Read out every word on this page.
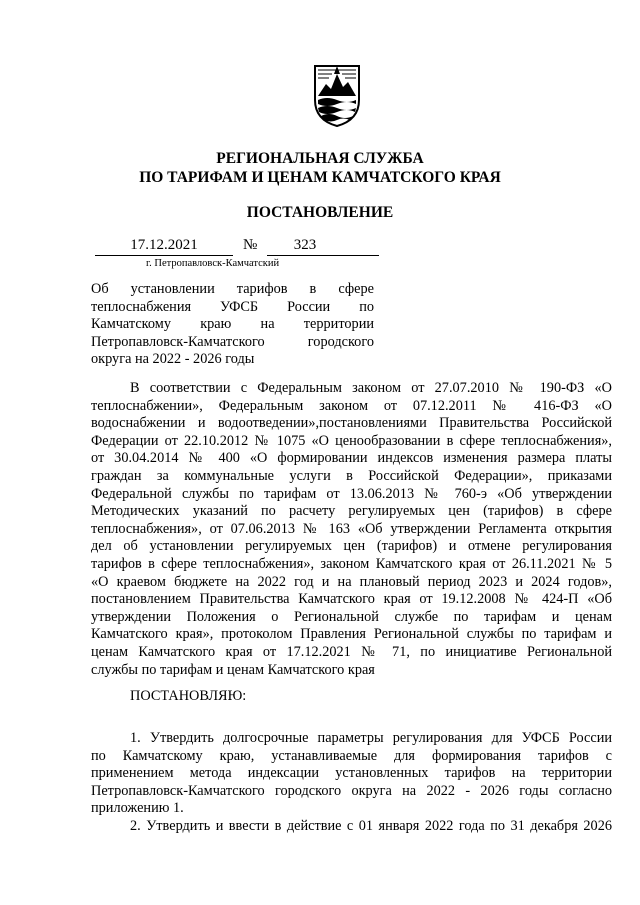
РЕГИОНАЛЬНАЯ СЛУЖБА

ПО ТАРИФАМ И ЦЕНАМ КАМЧАТСКОГО КРАЯ

ПОСТАНОВЛЕНИЕ

17.12.2021	№	323
г. Петропавловск-Камчатский
Об установлении тарифов в сфере
теплоснабжения УФСБ России по
Камчатскому краю на территории
Петропавловск-Камчатского городского
округа на 2022 - 2026 годы
В соответствии с Федеральным законом от 27.07.2010 № 190-ФЗ «О
теплоснабжении», Федеральным законом от 07.12.2011 № 416-ФЗ «О
водоснабжении и водоотведении»,постановлениями Правительства Российской
Федерации от 22.10.2012 № 1075 «О ценообразовании в сфере теплоснабжения»,
от 30.04.2014 № 400 «О формировании индексов изменения размера платы
граждан за коммунальные услуги в Российской Федерации», приказами
Федеральной службы по тарифам от 13.06.2013 № 760-э «Об утверждении
Методических указаний по расчету регулируемых цен (тарифов) в сфере
теплоснабжения», от 07.06.2013 № 163 «Об утверждении Регламента открытия
дел об установлении регулируемых цен (тарифов) и отмене регулирования
тарифов в сфере теплоснабжения», законом Камчатского края от 26.11.2021 № 5
«О краевом бюджете на 2022 год и на плановый период 2023 и 2024 годов»,
постановлением Правительства Камчатского края от 19.12.2008 № 424-П «Об
утверждении Положения о Региональной службе по тарифам и ценам
Камчатского края», протоколом Правления Региональной службы по тарифам и
ценам Камчатского края от 17.12.2021 № 71, по инициативе Региональной
службы по тарифам и ценам Камчатского края
ПОСТАНОВЛЯЮ:
1. Утвердить долгосрочные параметры регулирования для УФСБ России
по Камчатскому краю, устанавливаемые для формирования тарифов с
применением метода индексации установленных тарифов на территории
Петропавловск-Камчатского городского округа на 2022 - 2026 годы согласно
приложению 1.
2. Утвердить и ввести в действие с 01 января 2022 года по 31 декабря 2026
